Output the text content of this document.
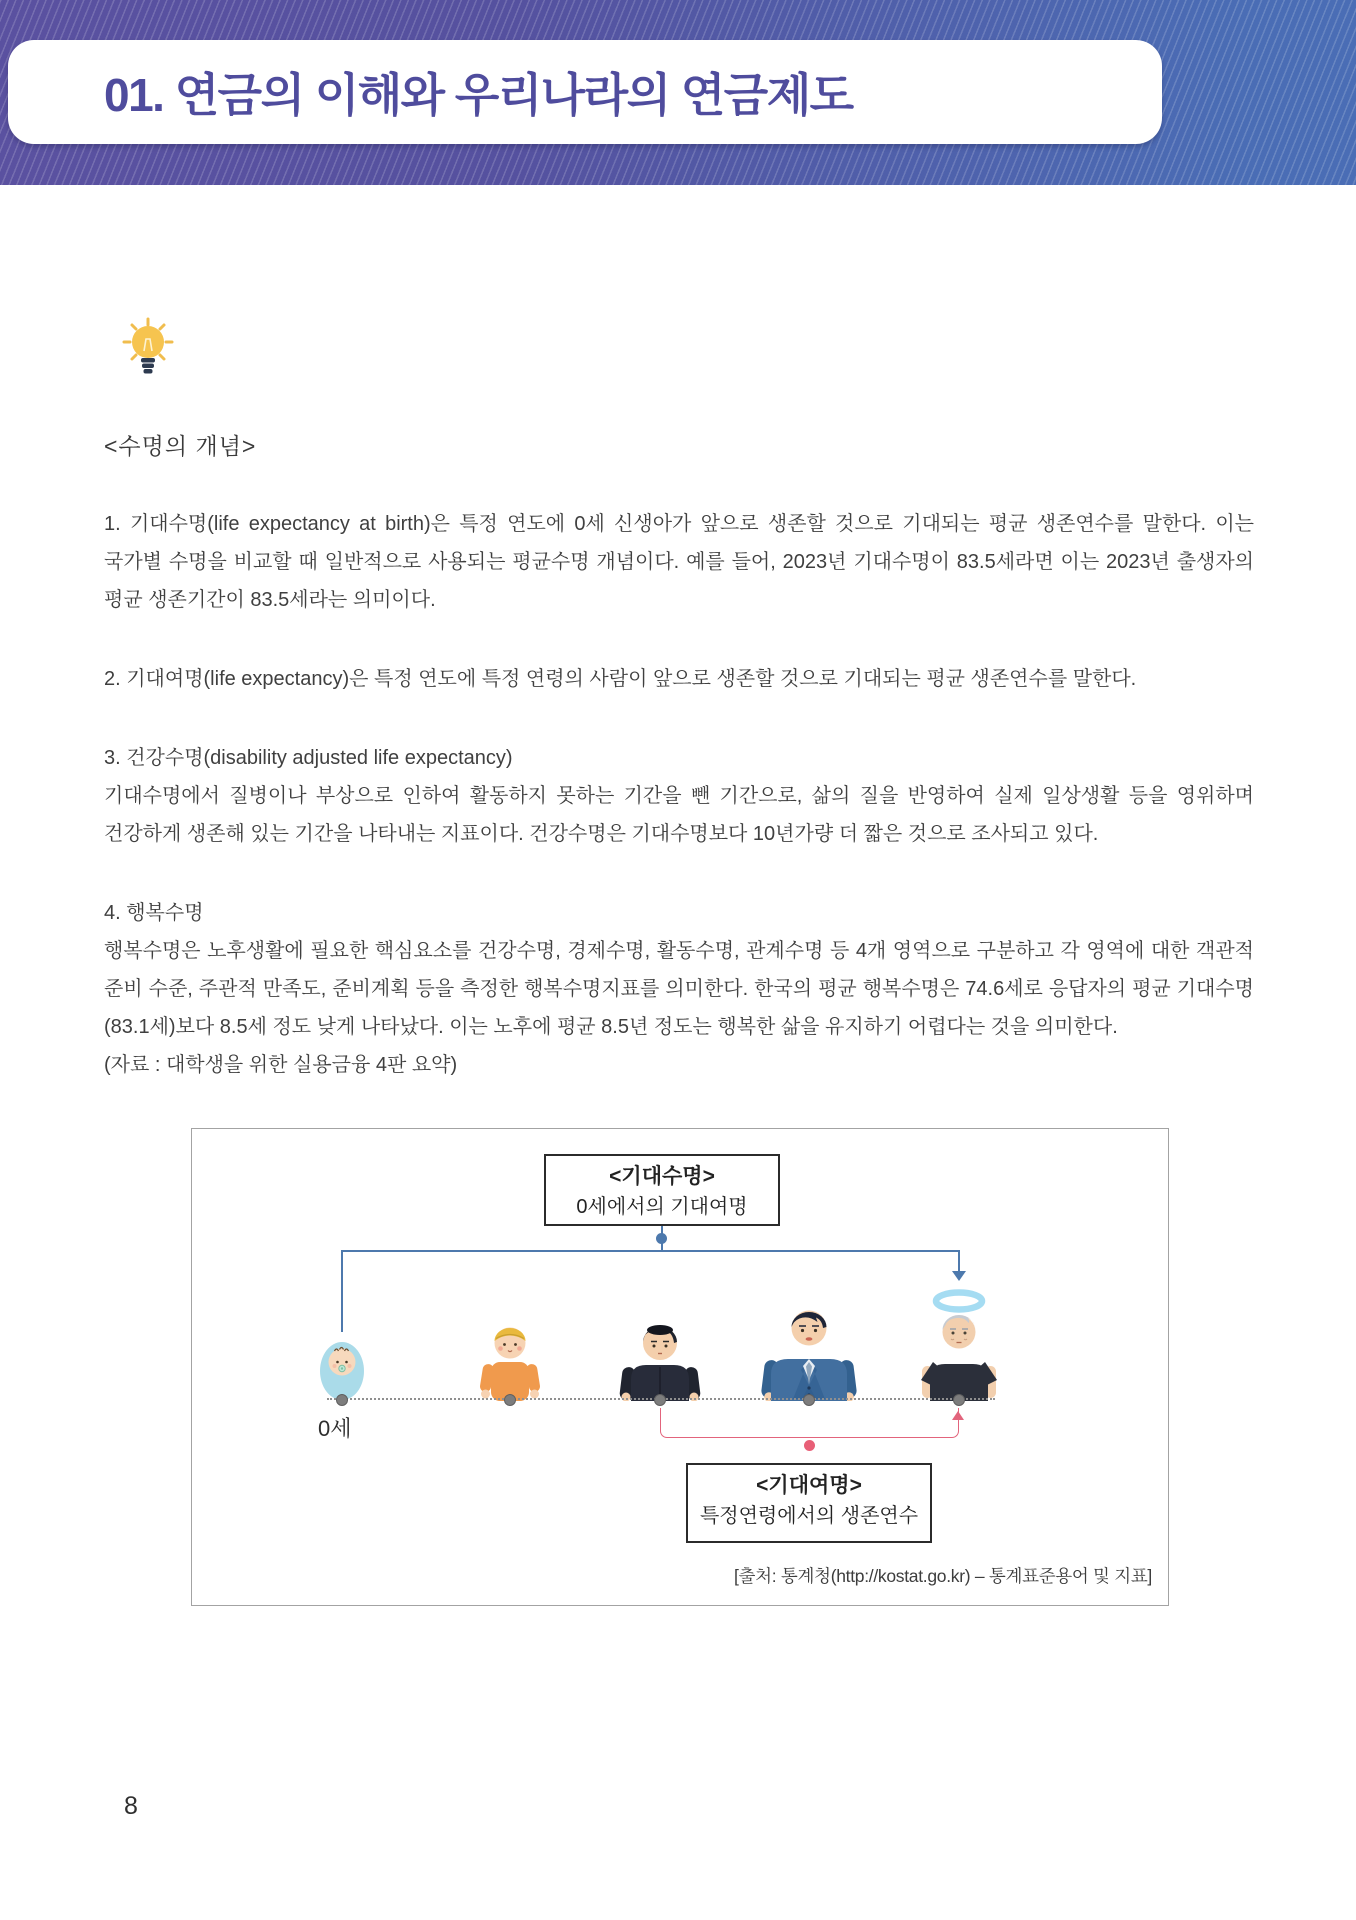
01. 연금의 이해와 우리나라의 연금제도
<수명의 개념>
1. 기대수명(life expectancy at birth)은 특정 연도에 0세 신생아가 앞으로 생존할 것으로 기대되는 평균 생존연수를 말한다. 이는 국가별 수명을 비교할 때 일반적으로 사용되는 평균수명 개념이다. 예를 들어, 2023년 기대수명이 83.5세라면 이는 2023년 출생자의 평균 생존기간이 83.5세라는 의미이다.
2. 기대여명(life expectancy)은 특정 연도에 특정 연령의 사람이 앞으로 생존할 것으로 기대되는 평균 생존연수를 말한다.
3. 건강수명(disability adjusted life expectancy)
기대수명에서 질병이나 부상으로 인하여 활동하지 못하는 기간을 뺀 기간으로, 삶의 질을 반영하여 실제 일상생활 등을 영위하며 건강하게 생존해 있는 기간을 나타내는 지표이다. 건강수명은 기대수명보다 10년가량 더 짧은 것으로 조사되고 있다.
4. 행복수명
행복수명은 노후생활에 필요한 핵심요소를 건강수명, 경제수명, 활동수명, 관계수명 등 4개 영역으로 구분하고 각 영역에 대한 객관적 준비 수준, 주관적 만족도, 준비계획 등을 측정한 행복수명지표를 의미한다. 한국의 평균 행복수명은 74.6세로 응답자의 평균 기대수명(83.1세)보다 8.5세 정도 낮게 나타났다. 이는 노후에 평균 8.5년 정도는 행복한 삶을 유지하기 어렵다는 것을 의미한다.
(자료 : 대학생을 위한 실용금융 4판 요약)
<기대수명>
0세에서의 기대여명
0세
<기대여명>
특정연령에서의 생존연수
[출처: 통계청(http://kostat.go.kr) – 통계표준용어 및 지표]
8
